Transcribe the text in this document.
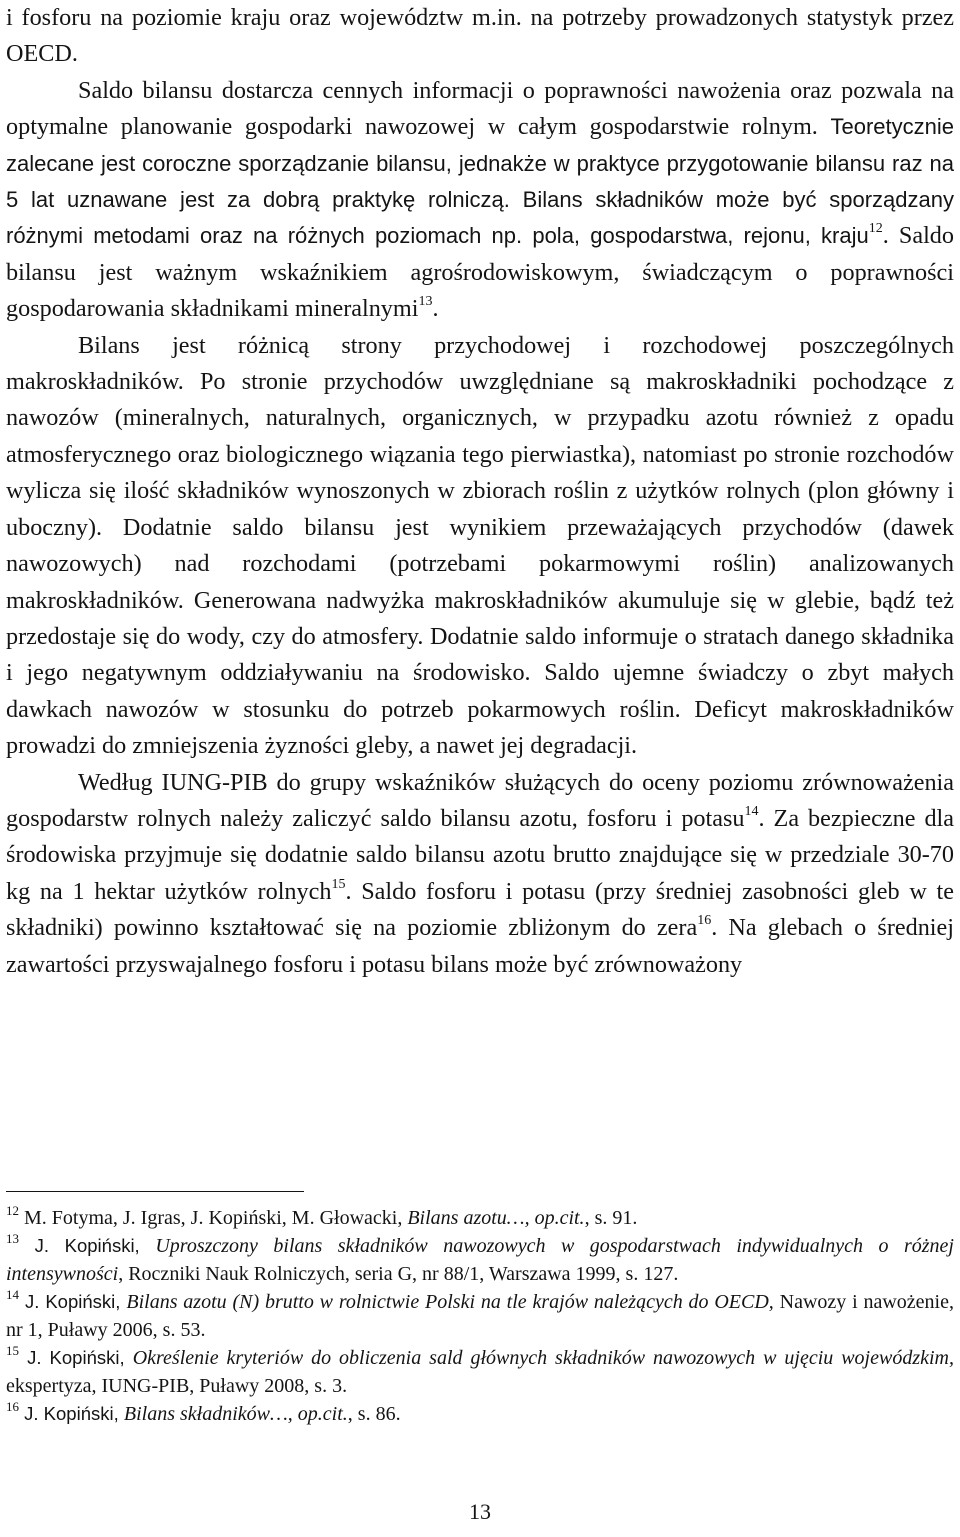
i fosforu na poziomie kraju oraz województw m.in. na potrzeby prowadzonych statystyk przez OECD.

Saldo bilansu dostarcza cennych informacji o poprawności nawożenia oraz pozwala na optymalne planowanie gospodarki nawozowej w całym gospodarstwie rolnym. Teoretycznie zalecane jest coroczne sporządzanie bilansu, jednakże w praktyce przygotowanie bilansu raz na 5 lat uznawane jest za dobrą praktykę rolniczą. Bilans składników może być sporządzany różnymi metodami oraz na różnych poziomach np. pola, gospodarstwa, rejonu, kraju$^{12}$. Saldo bilansu jest ważnym wskaźnikiem agrośrodowiskowym, świadczącym o poprawności gospodarowania składnikami mineralnymi$^{13}$.

Bilans jest różnicą strony przychodowej i rozchodowej poszczególnych makroskładników. Po stronie przychodów uwzględniane są makroskładniki pochodzące z nawozów (mineralnych, naturalnych, organicznych, w przypadku azotu również z opadu atmosferycznego oraz biologicznego wiązania tego pierwiastka), natomiast po stronie rozchodów wylicza się ilość składników wynoszonych w zbiorach roślin z użytków rolnych (plon główny i uboczny). Dodatnie saldo bilansu jest wynikiem przeważających przychodów (dawek nawozowych) nad rozchodami (potrzebami pokarmowymi roślin) analizowanych makroskładników. Generowana nadwyżka makroskładników akumuluje się w glebie, bądź też przedostaje się do wody, czy do atmosfery. Dodatnie saldo informuje o stratach danego składnika i jego negatywnym oddziaływaniu na środowisko. Saldo ujemne świadczy o zbyt małych dawkach nawozów w stosunku do potrzeb pokarmowych roślin. Deficyt makroskładników prowadzi do zmniejszenia żyzności gleby, a nawet jej degradacji.

Według IUNG-PIB do grupy wskaźników służących do oceny poziomu zrównoważenia gospodarstw rolnych należy zaliczyć saldo bilansu azotu, fosforu i potasu$^{14}$. Za bezpieczne dla środowiska przyjmuje się dodatnie saldo bilansu azotu brutto znajdujące się w przedziale 30-70 kg na 1 hektar użytków rolnych$^{15}$. Saldo fosforu i potasu (przy średniej zasobności gleb w te składniki) powinno kształtować się na poziomie zbliżonym do zera$^{16}$. Na glebach o średniej zawartości przyswajalnego fosforu i potasu bilans może być zrównoważony

$^{12}$ M. Fotyma, J. Igras, J. Kopiński, M. Głowacki, Bilans azotu…, op.cit., s. 91.

$^{13}$ J. Kopiński, Uproszczony bilans składników nawozowych w gospodarstwach indywidualnych o różnej intensywności, Roczniki Nauk Rolniczych, seria G, nr 88/1, Warszawa 1999, s. 127.

$^{14}$ J. Kopiński, Bilans azotu (N) brutto w rolnictwie Polski na tle krajów należących do OECD, Nawozy i nawożenie, nr 1, Puławy 2006, s. 53.

$^{15}$ J. Kopiński, Określenie kryteriów do obliczenia sald głównych składników nawozowych w ujęciu wojewódzkim, ekspertyza, IUNG-PIB, Puławy 2008, s. 3.

$^{16}$ J. Kopiński, Bilans składników…, op.cit., s. 86.

13
